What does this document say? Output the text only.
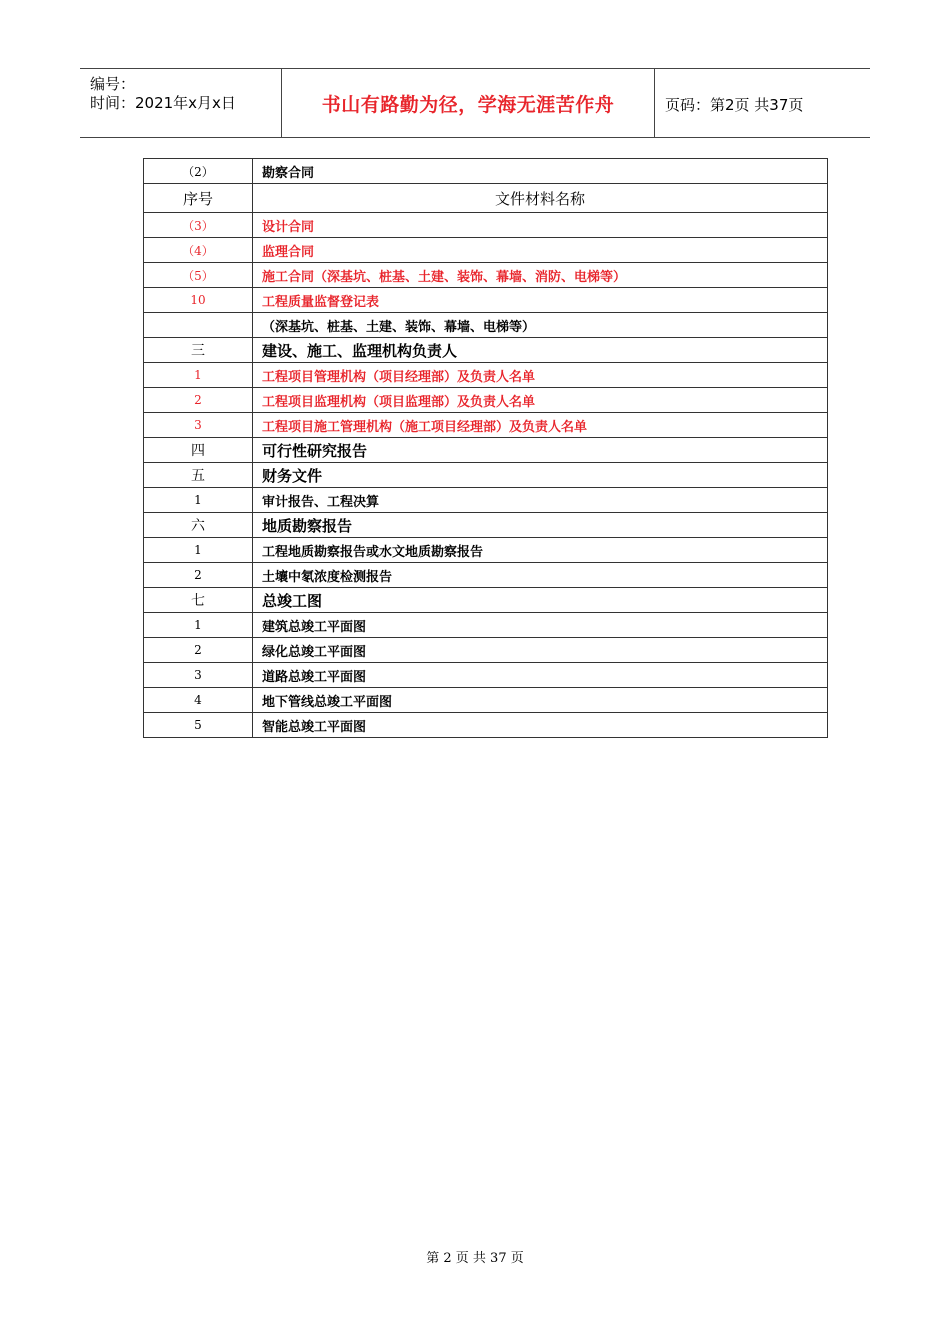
编号：
时间：2021年x月x日	书山有路勤为径，学海无涯苦作舟	页码：第2页 共37页
（2）	勘察合同
序号	文件材料名称
（3）	设计合同
（4）	监理合同
（5）	施工合同（深基坑、桩基、土建、装饰、幕墙、消防、电梯等）
10	工程质量监督登记表
	（深基坑、桩基、土建、装饰、幕墙、电梯等）
三	建设、施工、监理机构负责人
1	工程项目管理机构（项目经理部）及负责人名单
2	工程项目监理机构（项目监理部）及负责人名单
3	工程项目施工管理机构（施工项目经理部）及负责人名单
四	可行性研究报告
五	财务文件
1	审计报告、工程决算
六	地质勘察报告
1	工程地质勘察报告或水文地质勘察报告
2	土壤中氡浓度检测报告
七	总竣工图
1	建筑总竣工平面图
2	绿化总竣工平面图
3	道路总竣工平面图
4	地下管线总竣工平面图
5	智能总竣工平面图
第 2 页 共 37 页
